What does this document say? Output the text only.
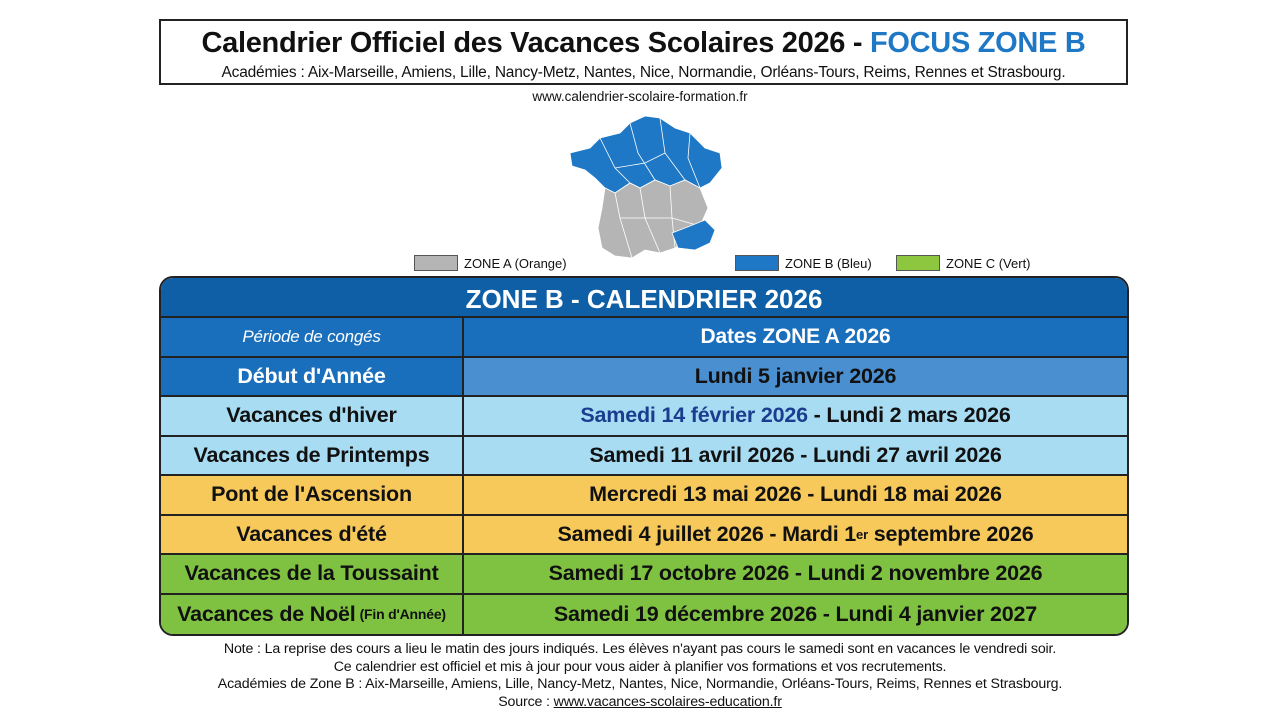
Calendrier Officiel des Vacances Scolaires 2026 - FOCUS ZONE B
Académies : Aix-Marseille, Amiens, Lille, Nancy-Metz, Nantes, Nice, Normandie, Orléans-Tours, Reims, Rennes et Strasbourg.
www.calendrier-scolaire-formation.fr
ZONE A (Orange)	ZONE B (Bleu)	ZONE C (Vert)
ZONE B - CALENDRIER 2026
Période de congés	Dates ZONE A 2026
Début d'Année	Lundi 5 janvier 2026
Vacances d'hiver	Samedi 14 février 2026 - Lundi 2 mars 2026
Vacances de Printemps	Samedi 11 avril 2026 - Lundi 27 avril 2026
Pont de l'Ascension	Mercredi 13 mai 2026 - Lundi 18 mai 2026
Vacances d'été	Samedi 4 juillet 2026 - Mardi 1 er septembre 2026
Vacances de la Toussaint	Samedi 17 octobre 2026 - Lundi 2 novembre 2026
Vacances de Noël (Fin d'Année)	Samedi 19 décembre 2026 - Lundi 4 janvier 2027
Note : La reprise des cours a lieu le matin des jours indiqués. Les élèves n'ayant pas cours le samedi sont en vacances le vendredi soir.
Ce calendrier est officiel et mis à jour pour vous aider à planifier vos formations et vos recrutements.
Académies de Zone B : Aix-Marseille, Amiens, Lille, Nancy-Metz, Nantes, Nice, Normandie, Orléans-Tours, Reims, Rennes et Strasbourg.
Source : www.vacances-scolaires-education.fr
